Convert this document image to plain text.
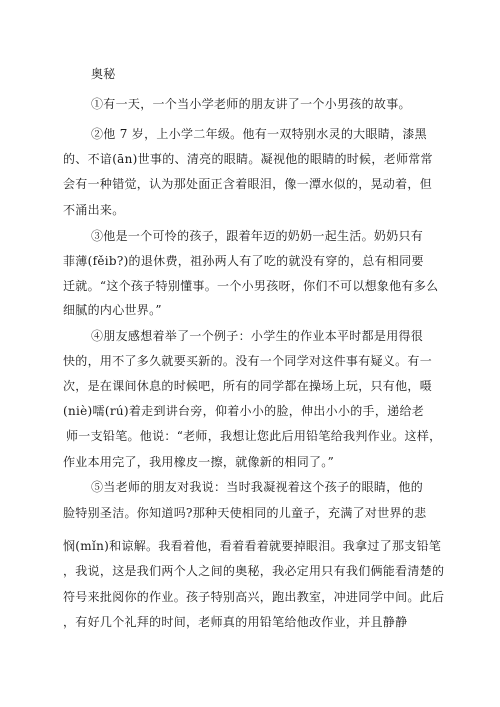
奥秘
①有一天，一个当小学老师的朋友讲了一个小男孩的故事。
②他 7 岁，上小学二年级。他有一双特别水灵的大眼睛，漆黑
的、不谙(ān)世事的、清亮的眼睛。凝视他的眼睛的时候，老师常常
会有一种错觉，认为那处面正含着眼泪，像一潭水似的，晃动着，但
不涌出来。
③他是一个可怜的孩子，跟着年迈的奶奶一起生活。奶奶只有
菲薄(fěib?)的退休费，祖孙两人有了吃的就没有穿的，总有相同要
迁就。“这个孩子特别懂事。一个小男孩呀，你们不可以想象他有多么
细腻的内心世界。”
④朋友感想着举了一个例子：小学生的作业本平时都是用得很
快的，用不了多久就要买新的。没有一个同学对这件事有疑义。有一
次，是在课间休息的时候吧，所有的同学都在操场上玩，只有他，嗫
(niè)嚅(rú)着走到讲台旁，仰着小小的脸，伸出小小的手，递给老
师一支铅笔。他说：“老师，我想让您此后用铅笔给我判作业。这样，
作业本用完了，我用橡皮一擦，就像新的相同了。”
⑤当老师的朋友对我说：当时我凝视着这个孩子的眼睛，他的
脸特别圣洁。你知道吗?那种天使相同的儿童子，充满了对世界的悲
悯(mǐn)和谅解。我看着他，看着看着就要掉眼泪。我拿过了那支铅笔
，我说，这是我们两个人之间的奥秘，我必定用只有我们俩能看清楚的
符号来批阅你的作业。孩子特别高兴，跑出教室，冲进同学中间。此后
，有好几个礼拜的时间，老师真的用铅笔给他改作业，并且静静
